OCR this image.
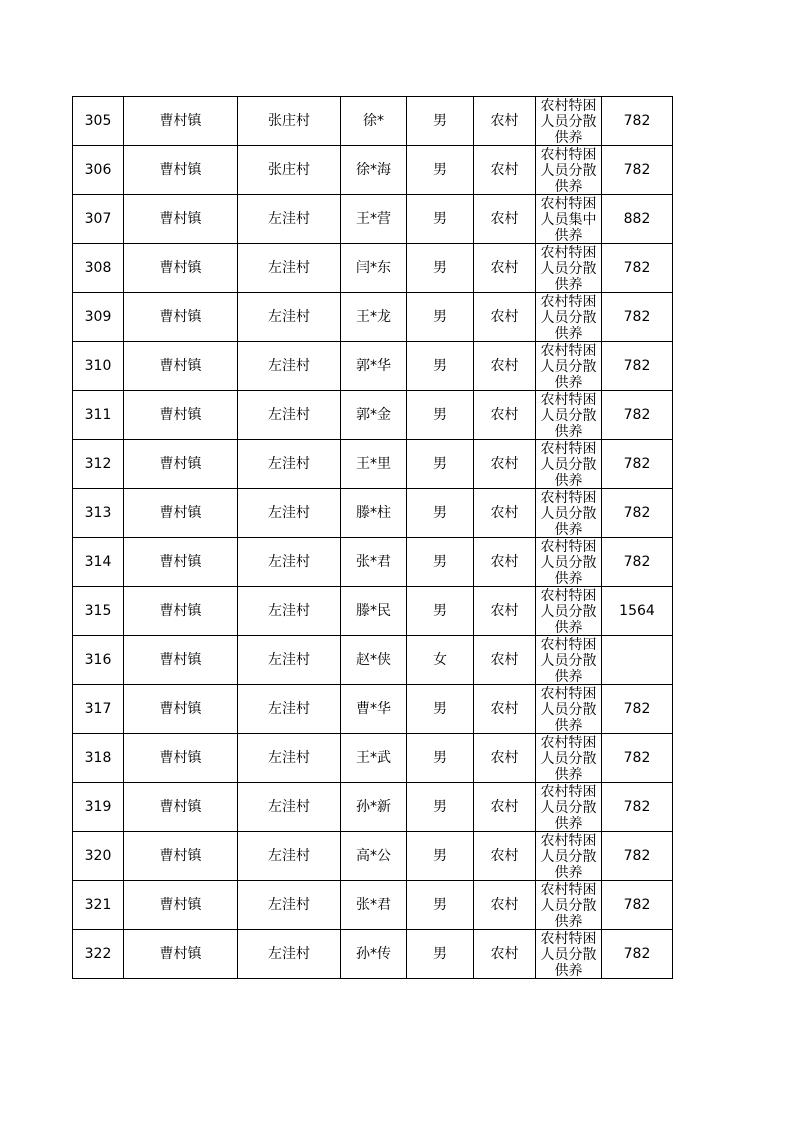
305	曹村镇	张庄村	徐*	男	农村	农村特困人员分散供养	782
306	曹村镇	张庄村	徐*海	男	农村	农村特困人员分散供养	782
307	曹村镇	左洼村	王*营	男	农村	农村特困人员集中供养	882
308	曹村镇	左洼村	闫*东	男	农村	农村特困人员分散供养	782
309	曹村镇	左洼村	王*龙	男	农村	农村特困人员分散供养	782
310	曹村镇	左洼村	郭*华	男	农村	农村特困人员分散供养	782
311	曹村镇	左洼村	郭*金	男	农村	农村特困人员分散供养	782
312	曹村镇	左洼村	王*里	男	农村	农村特困人员分散供养	782
313	曹村镇	左洼村	滕*柱	男	农村	农村特困人员分散供养	782
314	曹村镇	左洼村	张*君	男	农村	农村特困人员分散供养	782
315	曹村镇	左洼村	滕*民	男	农村	农村特困人员分散供养	1564
316	曹村镇	左洼村	赵*侠	女	农村	农村特困人员分散供养	

317	曹村镇	左洼村	曹*华	男	农村	农村特困人员分散供养	782
318	曹村镇	左洼村	王*武	男	农村	农村特困人员分散供养	782
319	曹村镇	左洼村	孙*新	男	农村	农村特困人员分散供养	782
320	曹村镇	左洼村	高*公	男	农村	农村特困人员分散供养	782
321	曹村镇	左洼村	张*君	男	农村	农村特困人员分散供养	782
322	曹村镇	左洼村	孙*传	男	农村	农村特困人员分散供养	782
